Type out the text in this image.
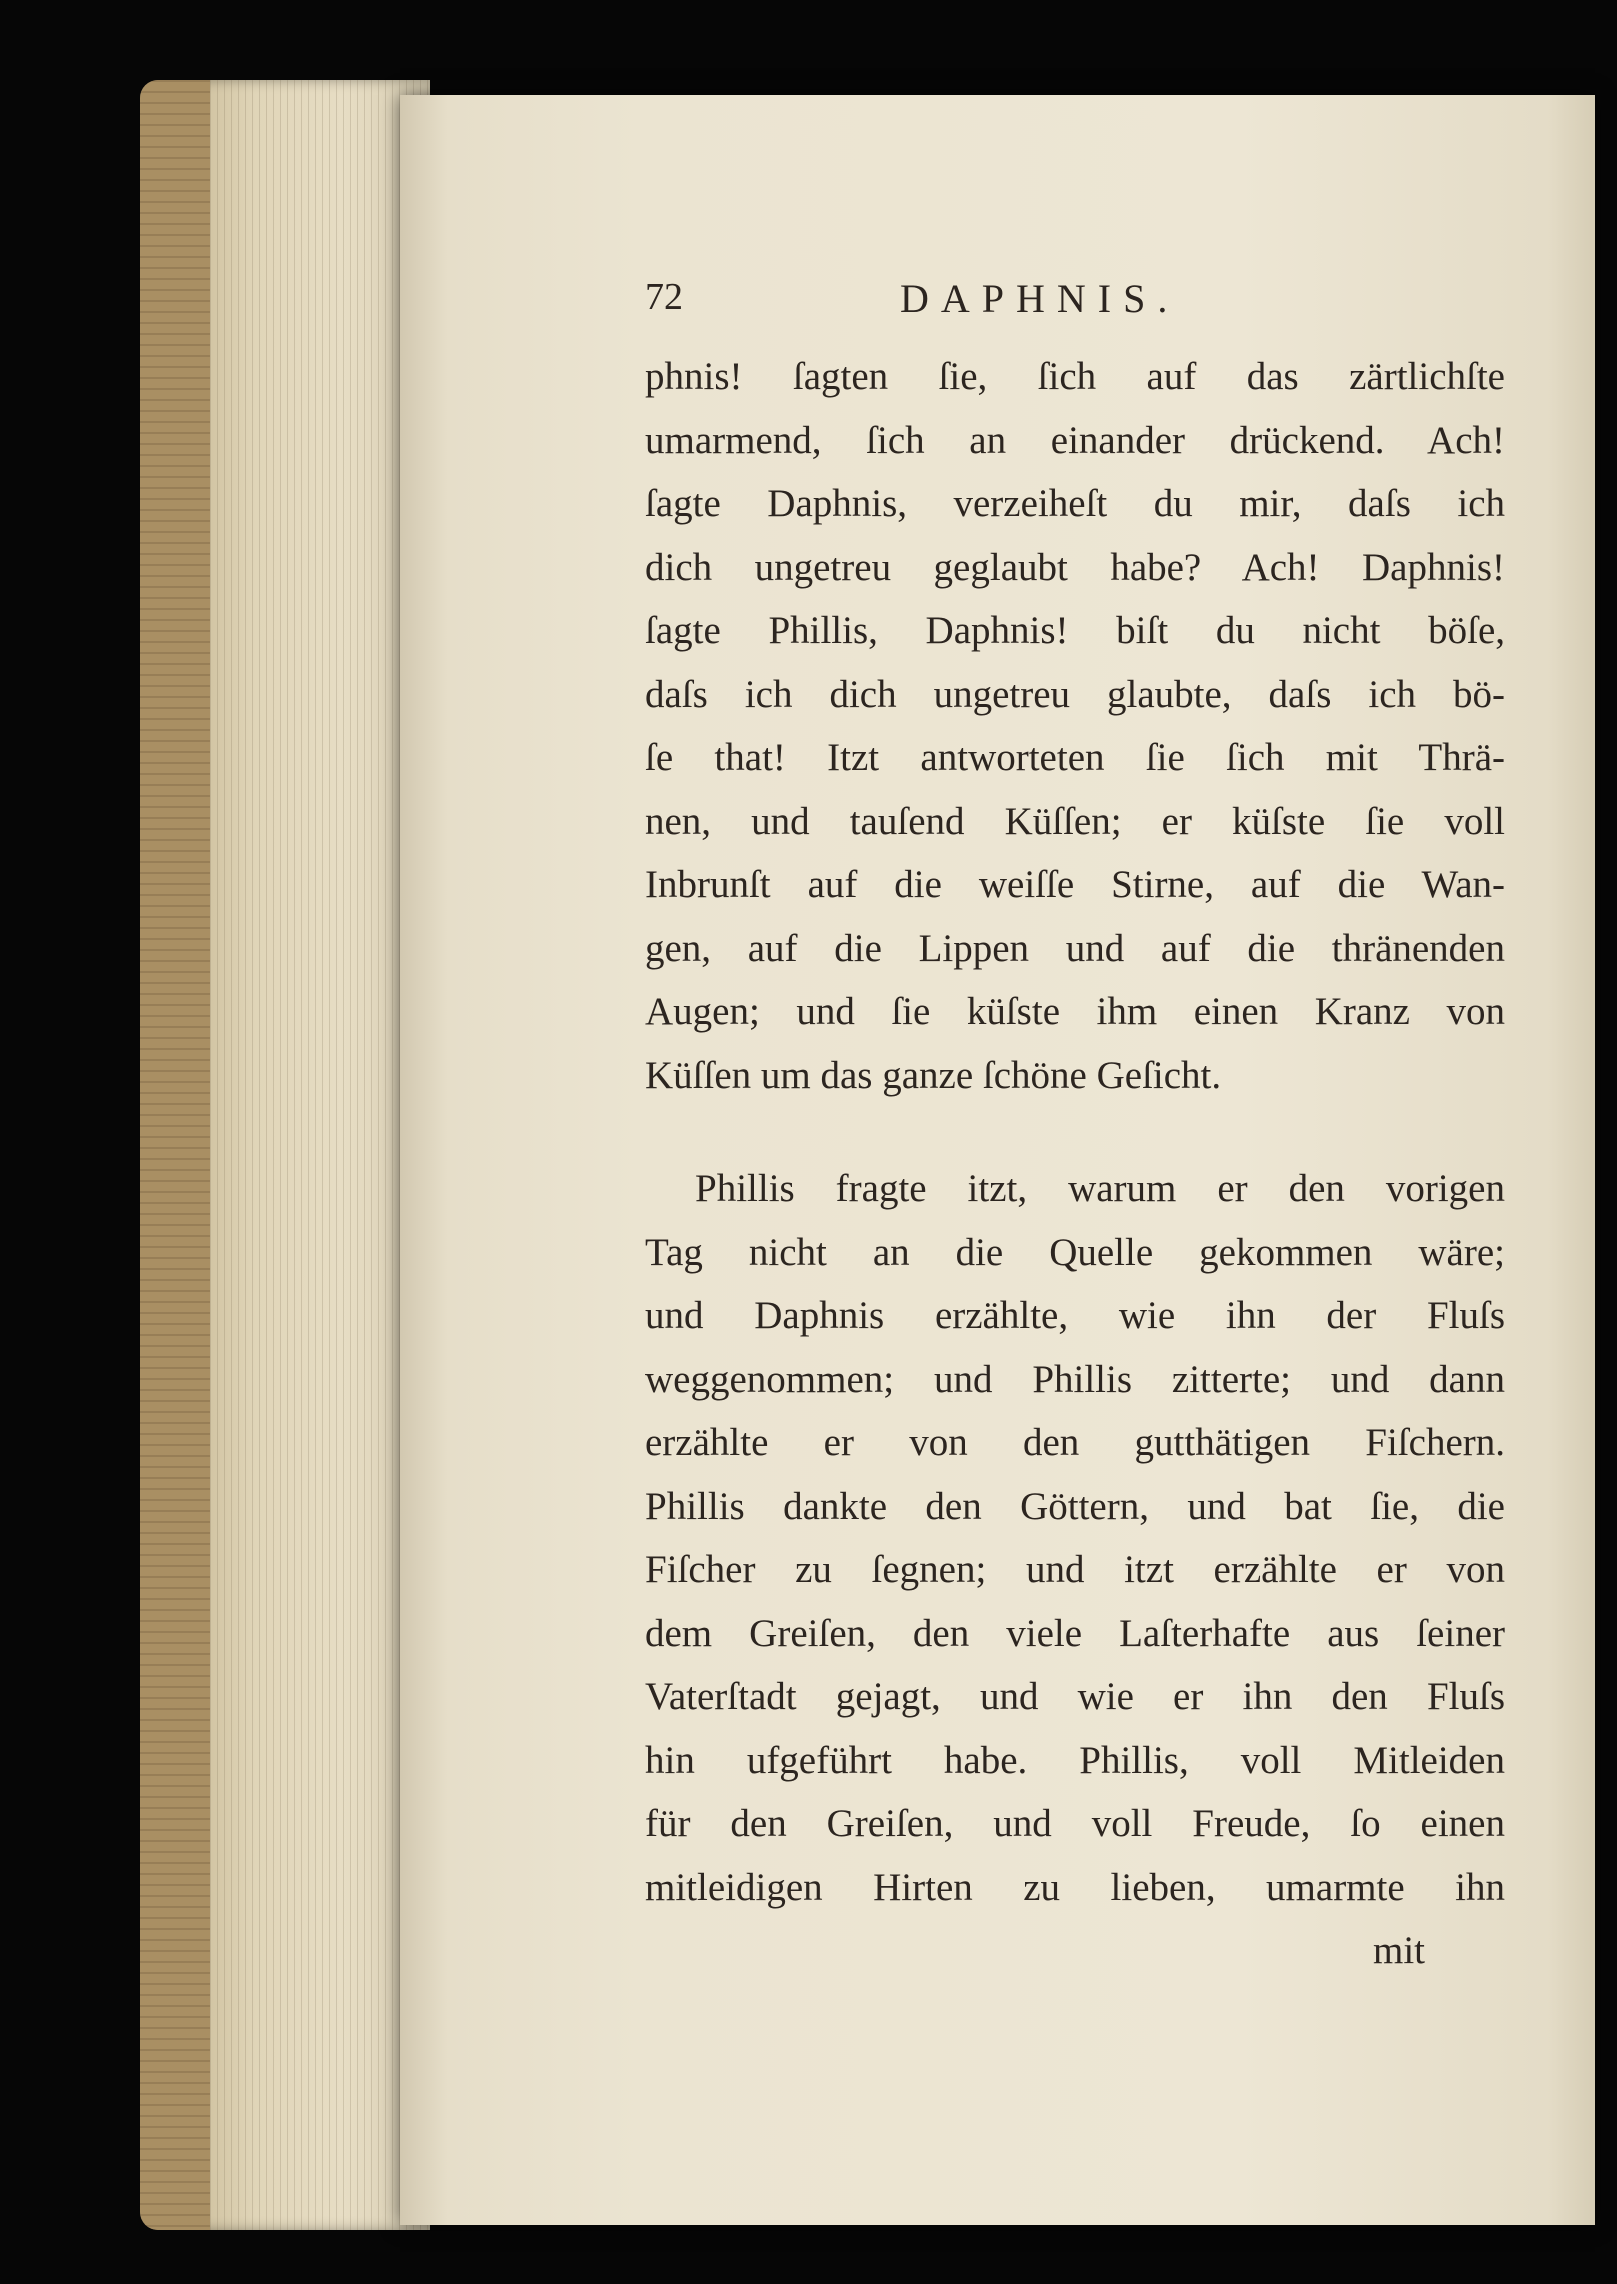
72	DAPHNIS.
phnis! ſagten ſie, ſich auf das zärtlichſte
umarmend, ſich an einander drückend. Ach!
ſagte Daphnis, verzeiheſt du mir, daſs ich
dich ungetreu geglaubt habe? Ach! Daphnis!
ſagte Phillis, Daphnis! biſt du nicht böſe,
daſs ich dich ungetreu glaubte, daſs ich bö-
ſe that! Itzt antworteten ſie ſich mit Thrä-
nen, und tauſend Küſſen; er küſste ſie voll
Inbrunſt auf die weiſſe Stirne, auf die Wan-
gen, auf die Lippen und auf die thränenden
Augen; und ſie küſste ihm einen Kranz von
Küſſen um das ganze ſchöne Geſicht.
Phillis fragte itzt, warum er den vorigen
Tag nicht an die Quelle gekommen wäre;
und Daphnis erzählte, wie ihn der Fluſs
weggenommen; und Phillis zitterte; und dann
erzählte er von den gutthätigen Fiſchern.
Phillis dankte den Göttern, und bat ſie, die
Fiſcher zu ſegnen; und itzt erzählte er von
dem Greiſen, den viele Laſterhafte aus ſeiner
Vaterſtadt gejagt, und wie er ihn den Fluſs
hin ufgeführt habe. Phillis, voll Mitleiden
für den Greiſen, und voll Freude, ſo einen
mitleidigen Hirten zu lieben, umarmte ihn
mit
